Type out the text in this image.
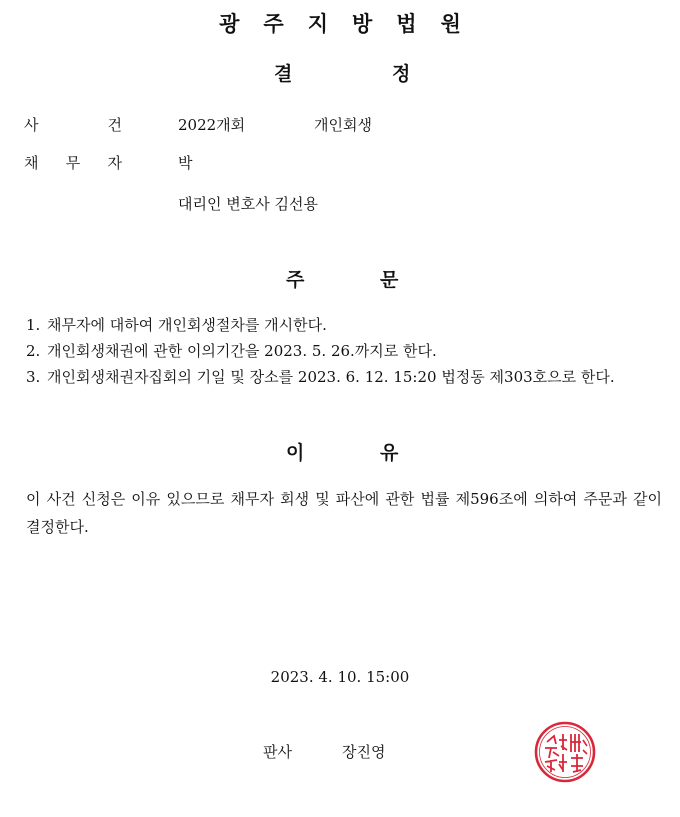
광주지방법원
결	정
사	건	2022개회	개인회생
채 무 자	박
대리인 변호사 김선용
주	문
1. 채무자에 대하여 개인회생절차를 개시한다.
2. 개인회생채권에 관한 이의기간을 2023. 5. 26.까지로 한다.
3. 개인회생채권자집회의 기일 및 장소를 2023. 6. 12. 15:20 법정동 제303호으로 한다.
이	유
이 사건 신청은 이유 있으므로 채무자 회생 및 파산에 관한 법률 제596조에 의하여 주문과 같이 결정한다.
2023. 4. 10. 15:00
판사	장진영
